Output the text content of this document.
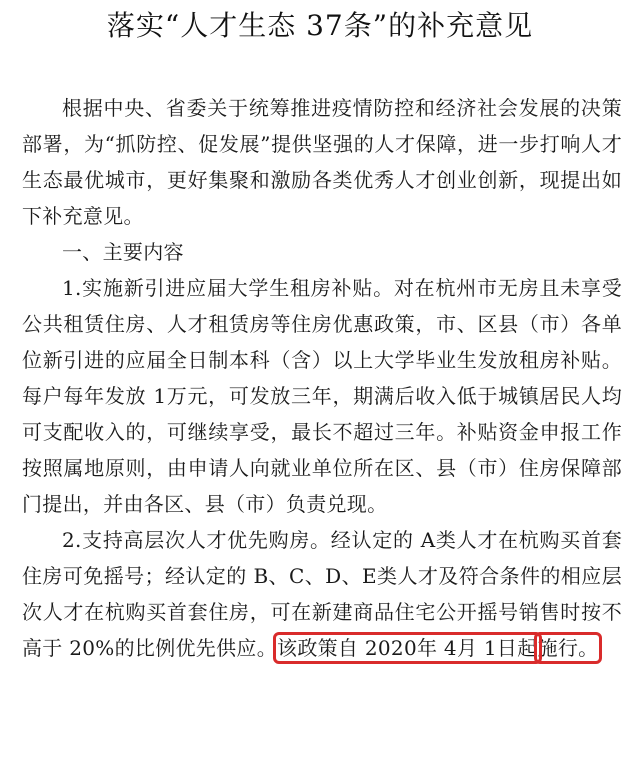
落实“人才生态 37条”的补充意见

根据中央、省委关于统筹推进疫情防控和经济社会发展的决策部署，为“抓防控、促发展”提供坚强的人才保障，进一步打响人才生态最优城市，更好集聚和激励各类优秀人才创业创新，现提出如下补充意见。

一、主要内容

1.实施新引进应届大学生租房补贴。对在杭州市无房且未享受公共租赁住房、人才租赁房等住房优惠政策，市、区县（市）各单位新引进的应届全日制本科（含）以上大学毕业生发放租房补贴。每户每年发放 1万元，可发放三年，期满后收入低于城镇居民人均可支配收入的，可继续享受，最长不超过三年。补贴资金申报工作按照属地原则，由申请人向就业单位所在区、县（市）住房保障部门提出，并由各区、县（市）负责兑现。

2.支持高层次人才优先购房。经认定的 A类人才在杭购买首套住房可免摇号；经认定的 B、C、D、E类人才及符合条件的相应层次人才在杭购买首套住房，可在新建商品住宅公开摇号销售时按不高于 20%的比例优先供应。该政策自 2020年 4月 1日起施行。
